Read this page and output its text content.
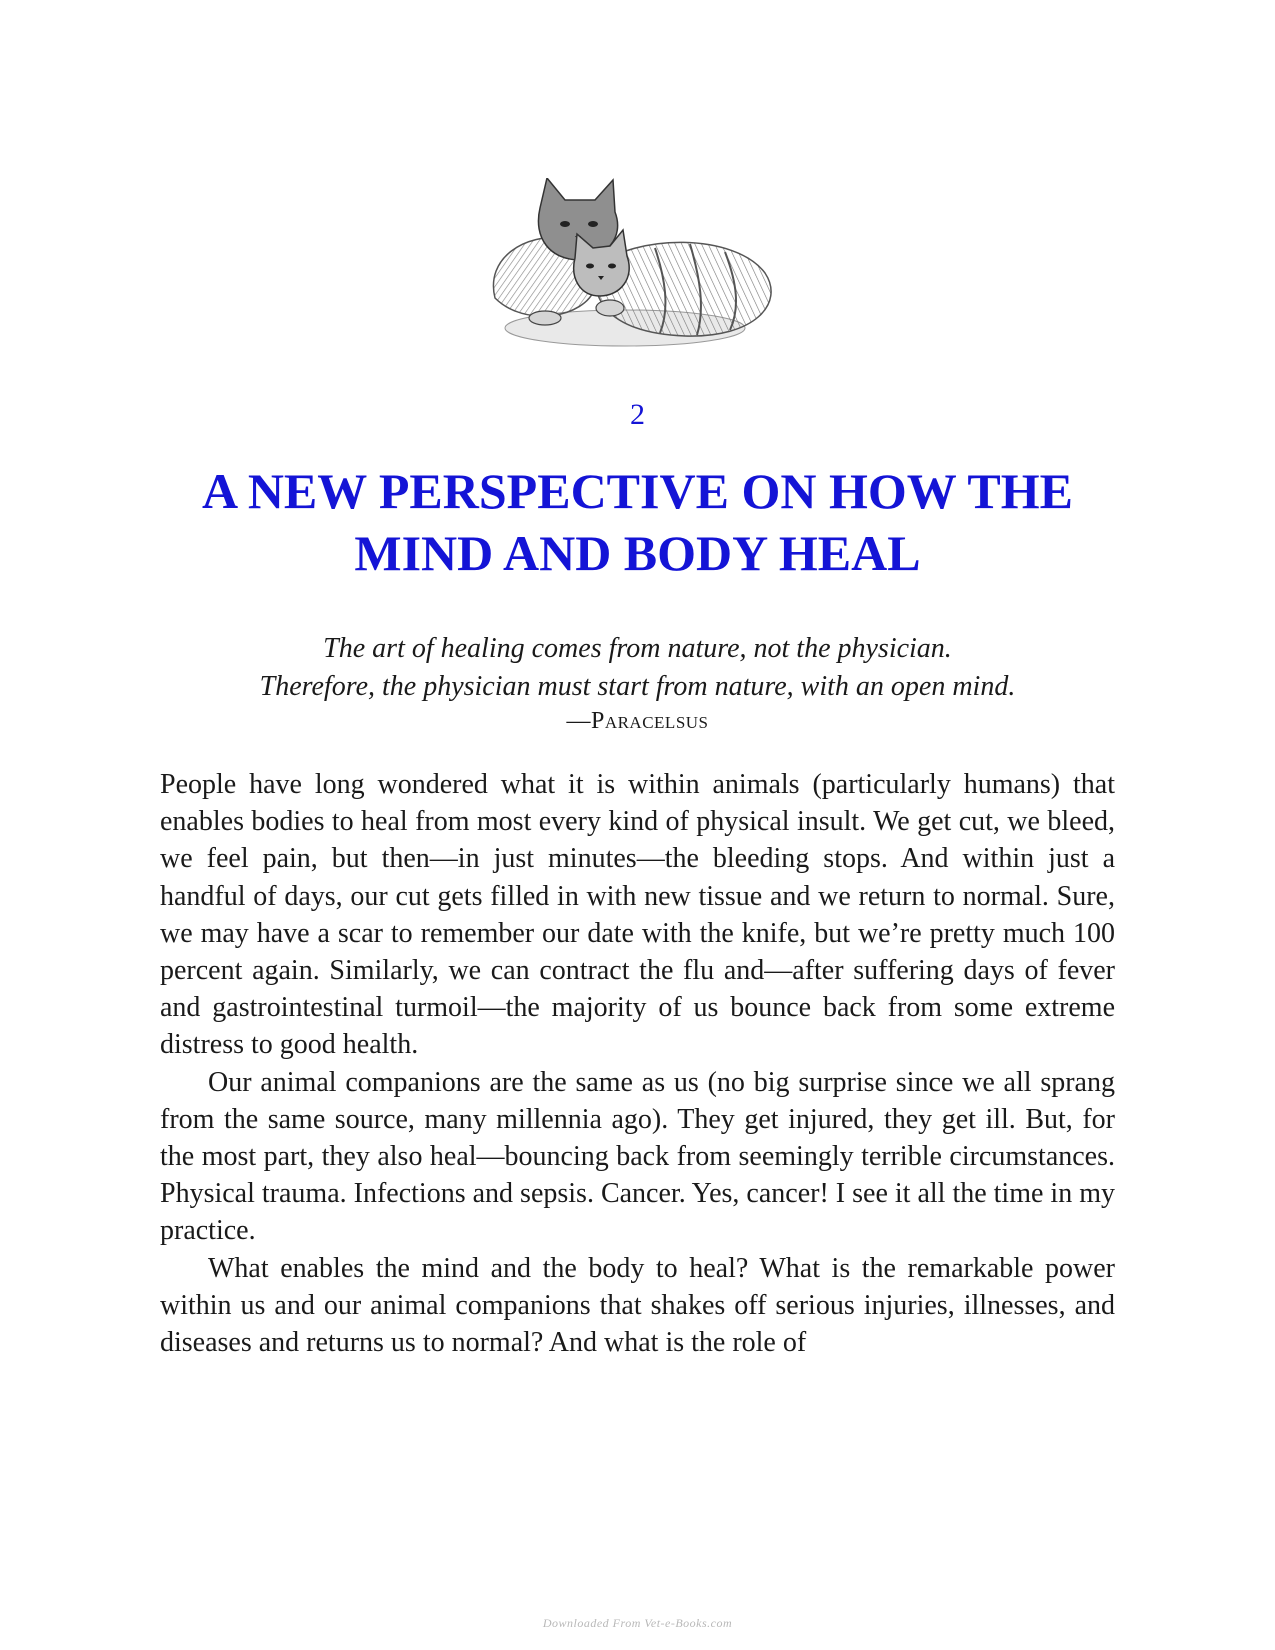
2
A NEW PERSPECTIVE ON HOW THE
MIND AND BODY HEAL
The art of healing comes from nature, not the physician.
Therefore, the physician must start from nature, with an open mind.
—Paracelsus

People have long wondered what it is within animals (particularly humans) that enables bodies to heal from most every kind of physical insult. We get cut, we bleed, we feel pain, but then—in just minutes—the bleeding stops. And within just a handful of days, our cut gets filled in with new tissue and we return to normal. Sure, we may have a scar to remember our date with the knife, but we’re pretty much 100 percent again. Similarly, we can contract the flu and—after suffering days of fever and gastrointestinal turmoil—the majority of us bounce back from some extreme distress to good health.

Our animal companions are the same as us (no big surprise since we all sprang from the same source, many millennia ago). They get injured, they get ill. But, for the most part, they also heal—bouncing back from seemingly terrible circumstances. Physical trauma. Infections and sepsis. Cancer. Yes, cancer! I see it all the time in my practice.

What enables the mind and the body to heal? What is the remarkable power within us and our animal companions that shakes off serious injuries, illnesses, and diseases and returns us to normal? And what is the role of

Downloaded From Vet-e-Books.com
